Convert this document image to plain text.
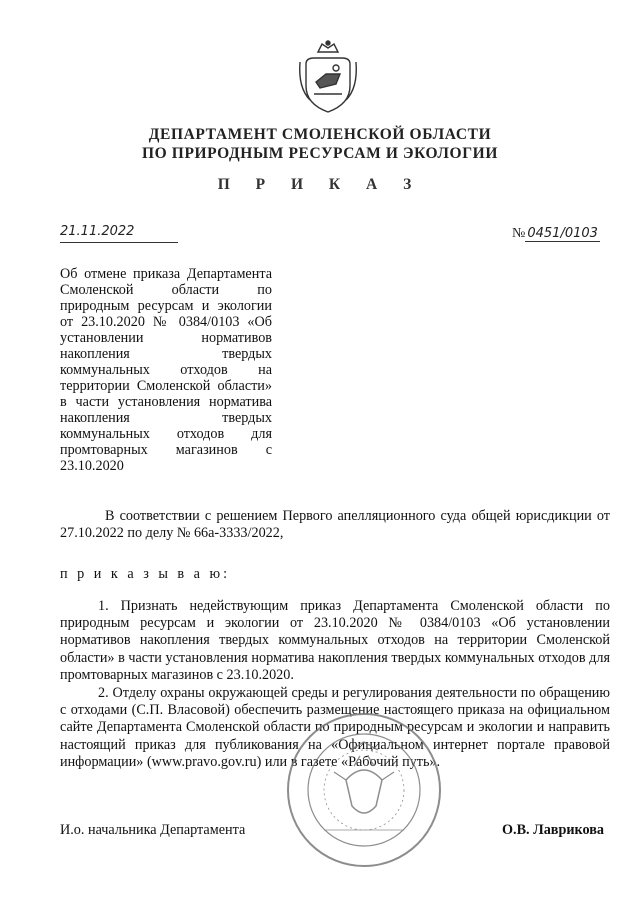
ДЕПАРТАМЕНТ СМОЛЕНСКОЙ ОБЛАСТИ
ПО ПРИРОДНЫМ РЕСУРСАМ И ЭКОЛОГИИ
П Р И К А З
21.11.2022	№ 0451/0103
Об отмене приказа Департамента Смоленской области по природным ресурсам и экологии от 23.10.2020 № 0384/0103 «Об установлении нормативов накопления твердых коммунальных отходов на территории Смоленской области» в части установления норматива накопления твердых коммунальных отходов для промтоварных магазинов с 23.10.2020
В соответствии с решением Первого апелляционного суда общей юрисдикции от 27.10.2022 по делу № 66а-3333/2022,
п р и к а з ы в а ю:
1. Признать недействующим приказ Департамента Смоленской области по природным ресурсам и экологии от 23.10.2020 № 0384/0103 «Об установлении нормативов накопления твердых коммунальных отходов на территории Смоленской области» в части установления норматива накопления твердых коммунальных отходов для промтоварных магазинов с 23.10.2020.
2. Отделу охраны окружающей среды и регулирования деятельности по обращению с отходами (С.П. Власовой) обеспечить размещение настоящего приказа на официальном сайте Департамента Смоленской области по природным ресурсам и экологии и направить настоящий приказ для публикования на «Официальном интернет портале правовой информации» (www.pravo.gov.ru) или в газете «Рабочий путь».
И.о. начальника Департамента	О.В. Лаврикова
